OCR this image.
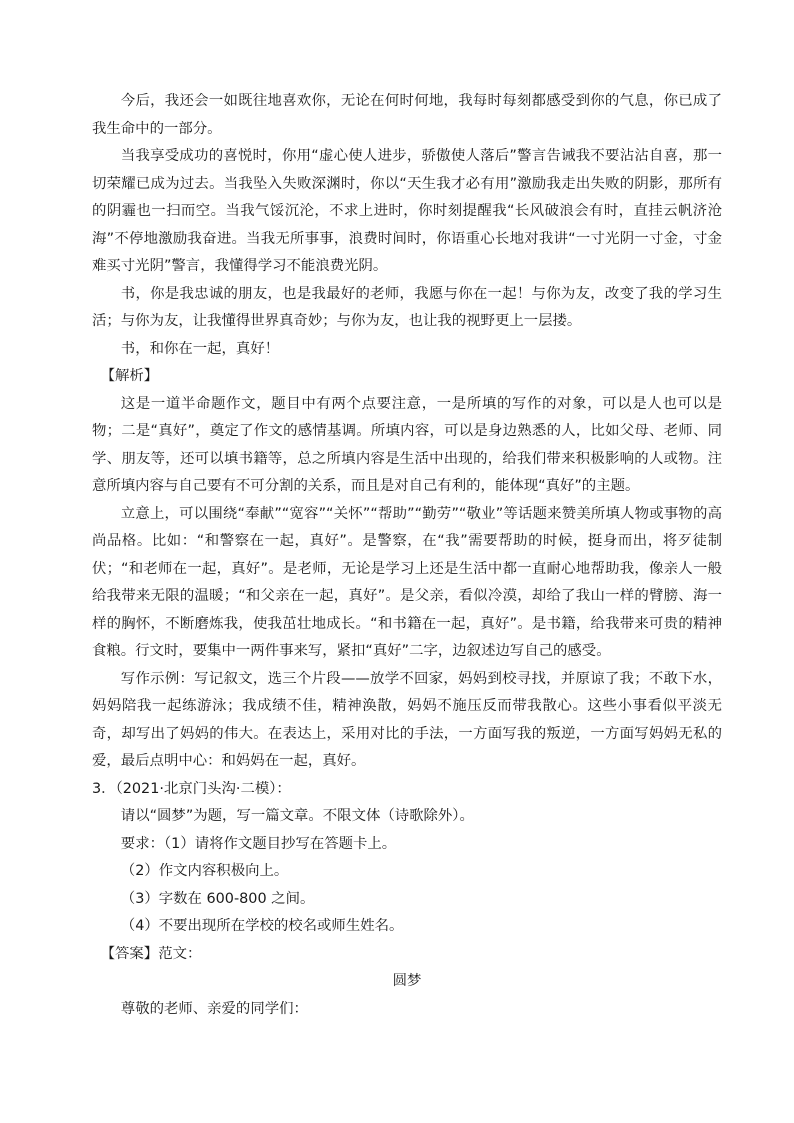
今后，我还会一如既往地喜欢你，无论在何时何地，我每时每刻都感受到你的气息，你已成了我生命中的一部分。

当我享受成功的喜悦时，你用“虚心使人进步，骄傲使人落后”警言告诫我不要沾沾自喜，那一切荣耀已成为过去。当我坠入失败深渊时，你以“天生我才必有用”激励我走出失败的阴影，那所有的阴霾也一扫而空。当我气馁沉沦，不求上进时，你时刻提醒我“长风破浪会有时，直挂云帆济沧海”不停地激励我奋进。当我无所事事，浪费时间时，你语重心长地对我讲“一寸光阴一寸金，寸金难买寸光阴”警言，我懂得学习不能浪费光阴。

书，你是我忠诚的朋友，也是我最好的老师，我愿与你在一起！与你为友，改变了我的学习生活；与你为友，让我懂得世界真奇妙；与你为友，也让我的视野更上一层搂。

书，和你在一起，真好！

【解析】

这是一道半命题作文，题目中有两个点要注意，一是所填的写作的对象，可以是人也可以是物；二是“真好”，奠定了作文的感情基调。所填内容，可以是身边熟悉的人，比如父母、老师、同学、朋友等，还可以填书籍等，总之所填内容是生活中出现的，给我们带来积极影响的人或物。注意所填内容与自己要有不可分割的关系，而且是对自己有利的，能体现“真好”的主题。

立意上，可以围绕“奉献”“宽容”“关怀”“帮助”“勤劳”“敬业”等话题来赞美所填人物或事物的高尚品格。比如：“和警察在一起，真好”。是警察，在“我”需要帮助的时候，挺身而出，将歹徒制伏；“和老师在一起，真好”。是老师，无论是学习上还是生活中都一直耐心地帮助我，像亲人一般给我带来无限的温暖；“和父亲在一起，真好”。是父亲，看似冷漠，却给了我山一样的臂膀、海一样的胸怀，不断磨炼我，使我茁壮地成长。“和书籍在一起，真好”。是书籍，给我带来可贵的精神食粮。行文时，要集中一两件事来写，紧扣“真好”二字，边叙述边写自己的感受。

写作示例：写记叙文，选三个片段——放学不回家，妈妈到校寻找，并原谅了我；不敢下水，妈妈陪我一起练游泳；我成绩不佳，精神涣散，妈妈不施压反而带我散心。这些小事看似平淡无奇，却写出了妈妈的伟大。在表达上，采用对比的手法，一方面写我的叛逆，一方面写妈妈无私的爱，最后点明中心：和妈妈在一起，真好。

3．（2021·北京门头沟·二模）：

请以“圆梦”为题，写一篇文章。不限文体（诗歌除外）。

要求：（1）请将作文题目抄写在答题卡上。

（2）作文内容积极向上。

（3）字数在 600-800 之间。

（4）不要出现所在学校的校名或师生姓名。

【答案】范文：

圆梦

尊敬的老师、亲爱的同学们：
